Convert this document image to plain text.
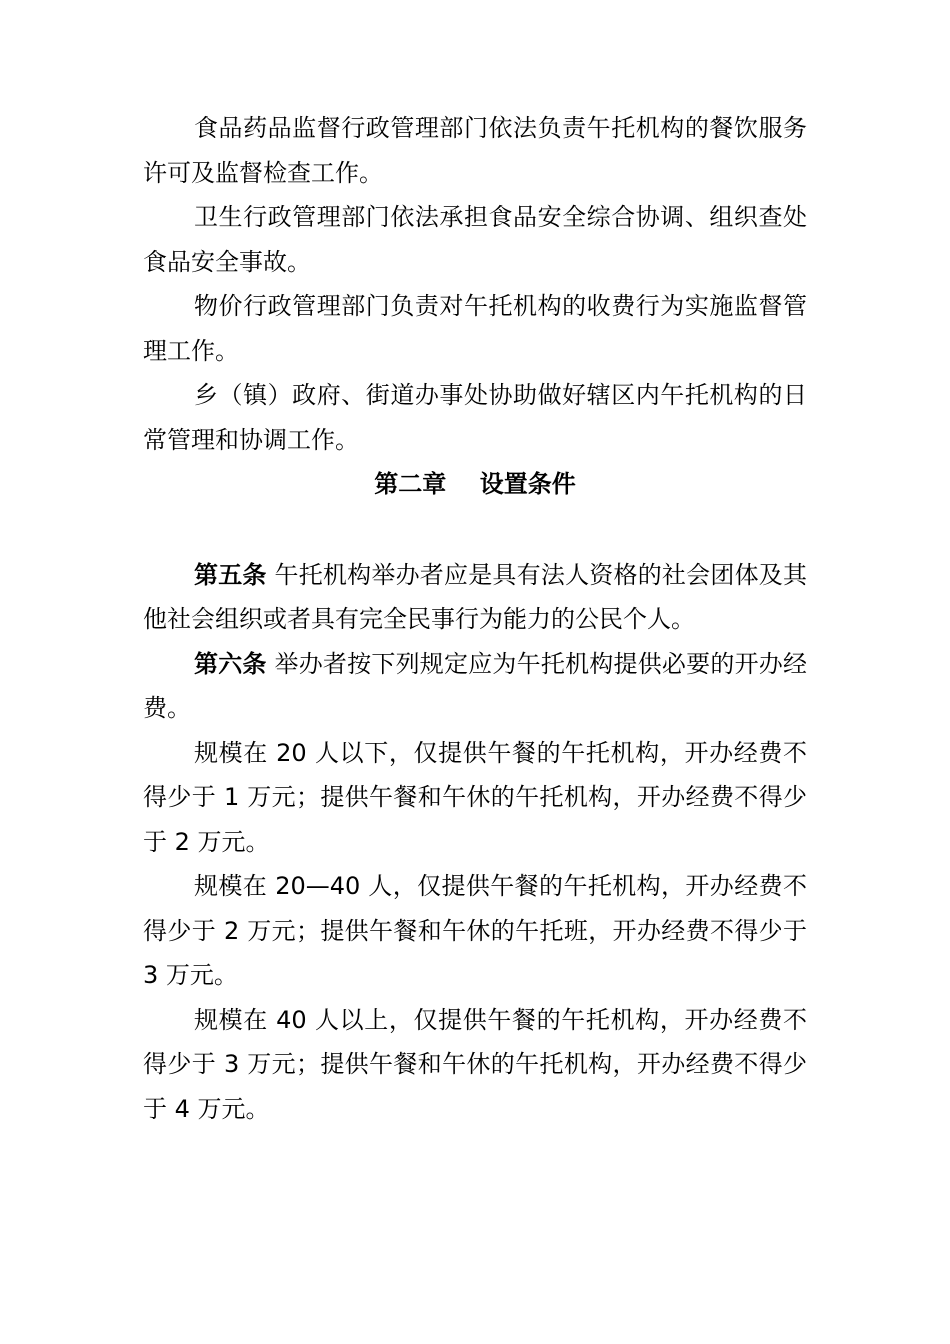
食品药品监督行政管理部门依法负责午托机构的餐饮服务许可及监督检查工作。

卫生行政管理部门依法承担食品安全综合协调、组织查处食品安全事故。

物价行政管理部门负责对午托机构的收费行为实施监督管理工作。

乡（镇）政府、街道办事处协助做好辖区内午托机构的日常管理和协调工作。

第二章    设置条件

第五条 午托机构举办者应是具有法人资格的社会团体及其他社会组织或者具有完全民事行为能力的公民个人。

第六条 举办者按下列规定应为午托机构提供必要的开办经费。

规模在 20 人以下，仅提供午餐的午托机构，开办经费不得少于 1 万元；提供午餐和午休的午托机构，开办经费不得少于 2 万元。

规模在 20—40 人，仅提供午餐的午托机构，开办经费不得少于 2 万元；提供午餐和午休的午托班，开办经费不得少于 3 万元。

规模在 40 人以上，仅提供午餐的午托机构，开办经费不得少于 3 万元；提供午餐和午休的午托机构，开办经费不得少于 4 万元。
